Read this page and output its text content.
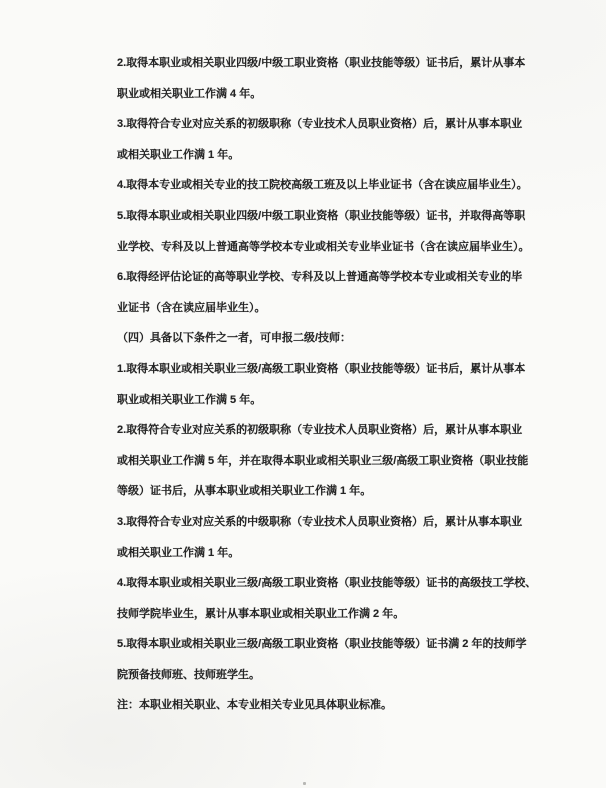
2.取得本职业或相关职业四级/中级工职业资格（职业技能等级）证书后，累计从事本
职业或相关职业工作满 4 年。
3.取得符合专业对应关系的初级职称（专业技术人员职业资格）后，累计从事本职业
或相关职业工作满 1 年。
4.取得本专业或相关专业的技工院校高级工班及以上毕业证书（含在读应届毕业生）。
5.取得本职业或相关职业四级/中级工职业资格（职业技能等级）证书，并取得高等职
业学校、专科及以上普通高等学校本专业或相关专业毕业证书（含在读应届毕业生）。
6.取得经评估论证的高等职业学校、专科及以上普通高等学校本专业或相关专业的毕
业证书（含在读应届毕业生）。
（四）具备以下条件之一者，可申报二级/技师：
1.取得本职业或相关职业三级/高级工职业资格（职业技能等级）证书后，累计从事本
职业或相关职业工作满 5 年。
2.取得符合专业对应关系的初级职称（专业技术人员职业资格）后，累计从事本职业
或相关职业工作满 5 年，并在取得本职业或相关职业三级/高级工职业资格（职业技能
等级）证书后，从事本职业或相关职业工作满 1 年。
3.取得符合专业对应关系的中级职称（专业技术人员职业资格）后，累计从事本职业
或相关职业工作满 1 年。
4.取得本职业或相关职业三级/高级工职业资格（职业技能等级）证书的高级技工学校、
技师学院毕业生，累计从事本职业或相关职业工作满 2 年。
5.取得本职业或相关职业三级/高级工职业资格（职业技能等级）证书满 2 年的技师学
院预备技师班、技师班学生。
注：本职业相关职业、本专业相关专业见具体职业标准。
